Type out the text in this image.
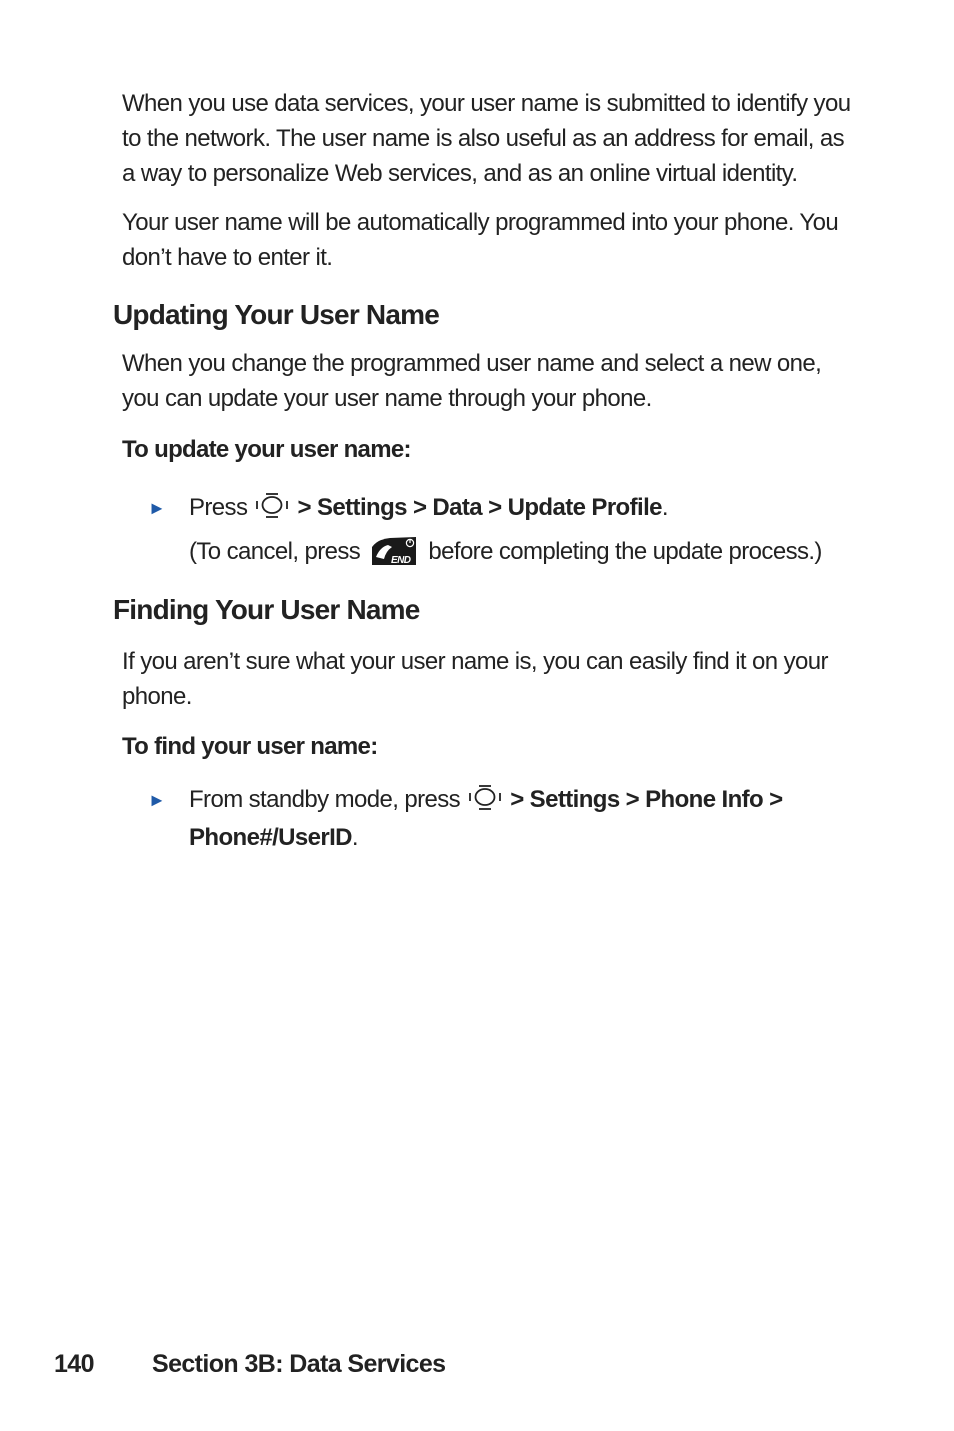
When you use data services, your user name is submitted to identify you to the network. The user name is also useful as an address for email, as a way to personalize Web services, and as an online virtual identity.

Your user name will be automatically programmed into your phone. You don’t have to enter it.

Updating Your User Name

When you change the programmed user name and select a new one, you can update your user name through your phone.

To update your user name:
► Press > Settings > Data > Update Profile.
(To cancel, press	END before completing the update process.)
Finding Your User Name

If you aren’t sure what your user name is, you can easily find it on your phone.

To find your user name:
► From standby mode, press > Settings > Phone Info >
Phone#/UserID.
140 Section 3B: Data Services
